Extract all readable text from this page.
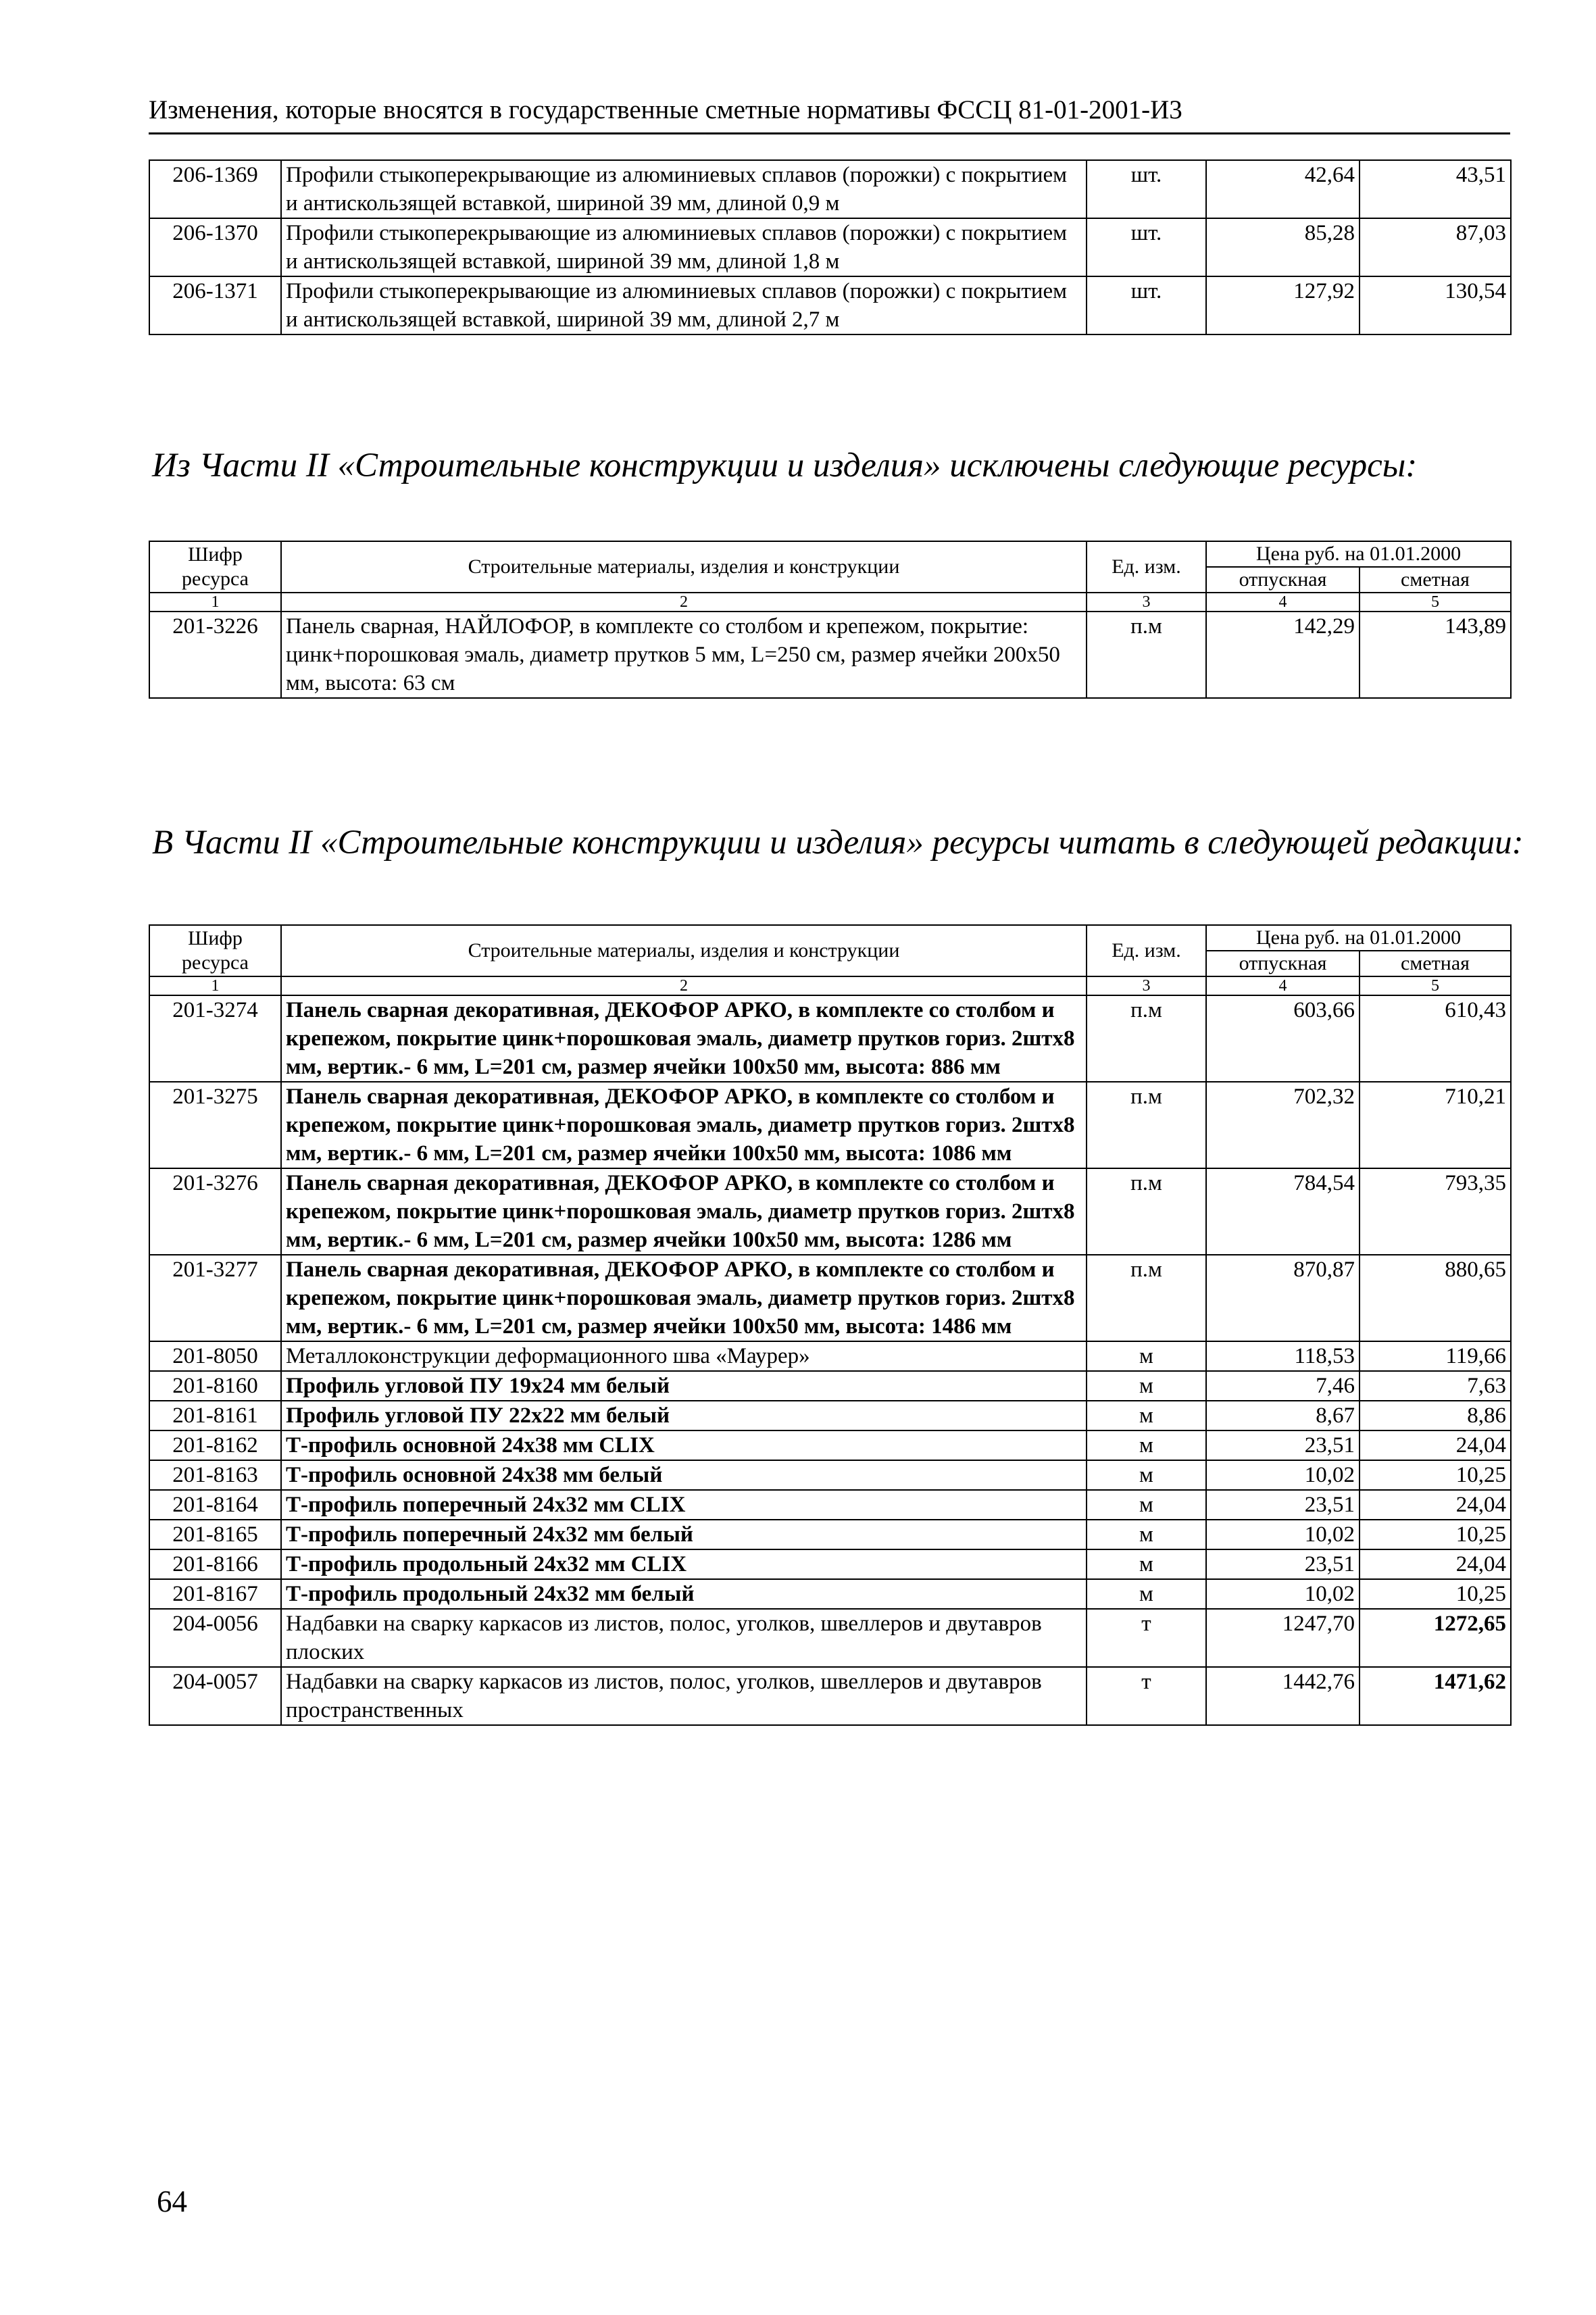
Изменения, которые вносятся в государственные сметные нормативы ФССЦ 81-01-2001-И3
206-1369	Профили стыкоперекрывающие из алюминиевых сплавов (порожки) с покрытием и антискользящей вставкой, шириной 39 мм, длиной 0,9 м	шт.	42,64	43,51
206-1370	Профили стыкоперекрывающие из алюминиевых сплавов (порожки) с покрытием и антискользящей вставкой, шириной 39 мм, длиной 1,8 м	шт.	85,28	87,03
206-1371	Профили стыкоперекрывающие из алюминиевых сплавов (порожки) с покрытием и антискользящей вставкой, шириной 39 мм, длиной 2,7 м	шт.	127,92	130,54
Из Части II «Строительные конструкции и изделия» исключены следующие ресурсы:
Шифр ресурса	Строительные материалы, изделия и конструкции	Ед. изм.	Цена руб. на 01.01.2000	
			отпускная	сметная
1	2	3	4	5
201-3226	Панель сварная, НАЙЛОФОР, в комплекте со столбом и крепежом, покрытие: цинк+порошковая эмаль, диаметр прутков 5 мм, L=250 см, размер ячейки 200х50 мм, высота: 63 см	п.м	142,29	143,89
В Части II «Строительные конструкции и изделия» ресурсы читать в следующей редакции:
Шифр ресурса	Строительные материалы, изделия и конструкции	Ед. изм.	Цена руб. на 01.01.2000	
			отпускная	сметная
1	2	3	4	5
201-3274	Панель сварная декоративная, ДЕКОФОР АРКО, в комплекте со столбом и крепежом, покрытие цинк+порошковая эмаль, диаметр прутков гориз. 2штх8 мм, вертик.- 6 мм, L=201 см, размер ячейки 100х50 мм, высота: 886 мм	п.м	603,66	610,43
201-3275	Панель сварная декоративная, ДЕКОФОР АРКО, в комплекте со столбом и крепежом, покрытие цинк+порошковая эмаль, диаметр прутков гориз. 2штх8 мм, вертик.- 6 мм, L=201 см, размер ячейки 100х50 мм, высота: 1086 мм	п.м	702,32	710,21
201-3276	Панель сварная декоративная, ДЕКОФОР АРКО, в комплекте со столбом и крепежом, покрытие цинк+порошковая эмаль, диаметр прутков гориз. 2штх8 мм, вертик.- 6 мм, L=201 см, размер ячейки 100х50 мм, высота: 1286 мм	п.м	784,54	793,35
201-3277	Панель сварная декоративная, ДЕКОФОР АРКО, в комплекте со столбом и крепежом, покрытие цинк+порошковая эмаль, диаметр прутков гориз. 2штх8 мм, вертик.- 6 мм, L=201 см, размер ячейки 100х50 мм, высота: 1486 мм	п.м	870,87	880,65
201-8050	Металлоконструкции деформационного шва «Маурер»	м	118,53	119,66
201-8160	Профиль угловой ПУ 19х24 мм белый	м	7,46	7,63
201-8161	Профиль угловой ПУ 22х22 мм белый	м	8,67	8,86
201-8162	Т-профиль основной 24х38 мм CLIX	м	23,51	24,04
201-8163	Т-профиль основной 24х38 мм белый	м	10,02	10,25
201-8164	Т-профиль поперечный 24х32 мм CLIX	м	23,51	24,04
201-8165	Т-профиль поперечный 24х32 мм белый	м	10,02	10,25
201-8166	Т-профиль продольный 24х32 мм CLIX	м	23,51	24,04
201-8167	Т-профиль продольный 24х32 мм белый	м	10,02	10,25
204-0056	Надбавки на сварку каркасов из листов, полос, уголков, швеллеров и двутавров плоских	т	1247,70	1272,65
204-0057	Надбавки на сварку каркасов из листов, полос, уголков, швеллеров и двутавров пространственных	т	1442,76	1471,62
64
